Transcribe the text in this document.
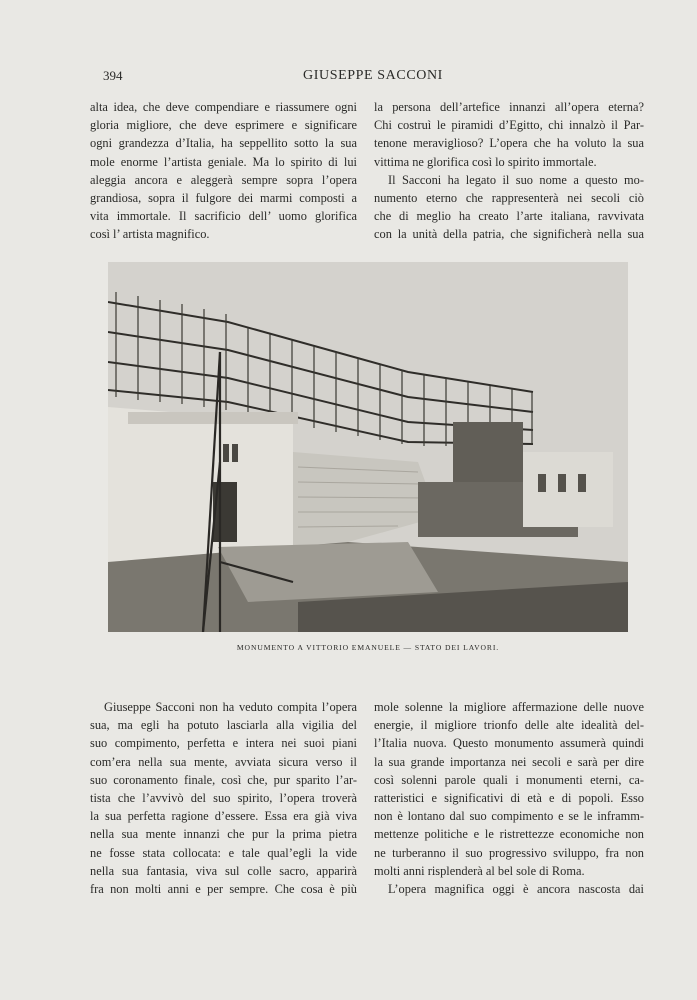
394	GIUSEPPE SACCONI
alta idea, che deve compendiare e riassumere ogni
gloria migliore, che deve esprimere e significare
ogni grandezza d’Italia, ha seppellito sotto la sua
mole enorme l’artista geniale. Ma lo spirito di lui
aleggia ancora e aleggerà sempre sopra l’opera
grandiosa, sopra il fulgore dei marmi composti a
vita immortale. Il sacrificio dell’ uomo glorifica
così l’ artista magnifico.
la persona dell’artefice innanzi all’opera eterna?
Chi costruì le piramidi d’Egitto, chi innalzò il Par-
tenone meraviglioso? L’opera che ha voluto la sua
vittima ne glorifica così lo spirito immortale.
Il Sacconi ha legato il suo nome a questo mo-
numento eterno che rappresenterà nei secoli ciò
che di meglio ha creato l’arte italiana, ravvivata
con la unità della patria, che significherà nella sua
MONUMENTO A VITTORIO EMANUELE — STATO DEI LAVORI.
Giuseppe Sacconi non ha veduto compita l’opera
sua, ma egli ha potuto lasciarla alla vigilia del
suo compimento, perfetta e intera nei suoi piani
com’era nella sua mente, avviata sicura verso il
suo coronamento finale, così che, pur sparito l’ar-
tista che l’avvivò del suo spirito, l’opera troverà
la sua perfetta ragione d’essere. Essa era già viva
nella sua mente innanzi che pur la prima pietra
ne fosse stata collocata: e tale qual’egli la vide
nella sua fantasia, viva sul colle sacro, apparirà
fra non molti anni e per sempre. Che cosa è più
mole solenne la migliore affermazione delle nuove
energie, il migliore trionfo delle alte idealità del-
l’Italia nuova. Questo monumento assumerà quindi
la sua grande importanza nei secoli e sarà per dire
così solenni parole quali i monumenti eterni, ca-
ratteristici e significativi di età e di popoli. Esso
non è lontano dal suo compimento e se le inframm-
mettenze politiche e le ristrettezze economiche non
ne turberanno il suo progressivo sviluppo, fra non
molti anni risplenderà al bel sole di Roma.
L’opera magnifica oggi è ancora nascosta dai
